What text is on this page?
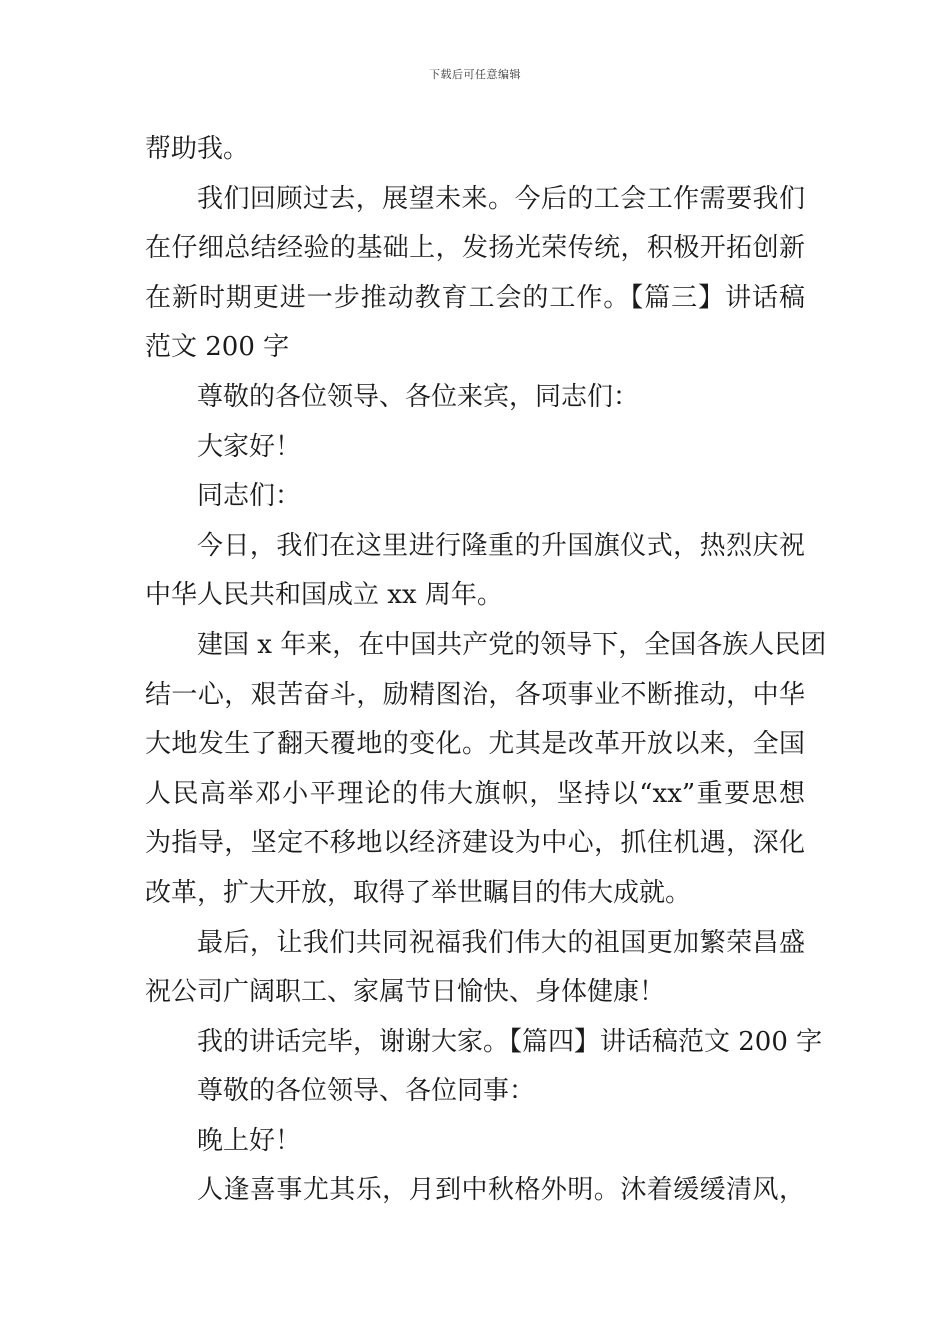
下载后可任意编辑
帮助我。
我们回顾过去，展望未来。今后的工会工作需要我们
在仔细总结经验的基础上，发扬光荣传统，积极开拓创新
在新时期更进一步推动教育工会的工作。【篇三】讲话稿
范文 200 字
尊敬的各位领导、各位来宾，同志们：
大家好！
同志们：
今日，我们在这里进行隆重的升国旗仪式，热烈庆祝
中华人民共和国成立 xx 周年。
建国 x 年来，在中国共产党的领导下，全国各族人民团
结一心，艰苦奋斗，励精图治，各项事业不断推动，中华
大地发生了翻天覆地的变化。尤其是改革开放以来，全国
人民高举邓小平理论的伟大旗帜，坚持以“xx”重要思想
为指导，坚定不移地以经济建设为中心，抓住机遇，深化
改革，扩大开放，取得了举世瞩目的伟大成就。
最后，让我们共同祝福我们伟大的祖国更加繁荣昌盛
祝公司广阔职工、家属节日愉快、身体健康！
我的讲话完毕，谢谢大家。【篇四】讲话稿范文 200 字
尊敬的各位领导、各位同事：
晚上好！
人逢喜事尤其乐，月到中秋格外明。沐着缓缓清风，
